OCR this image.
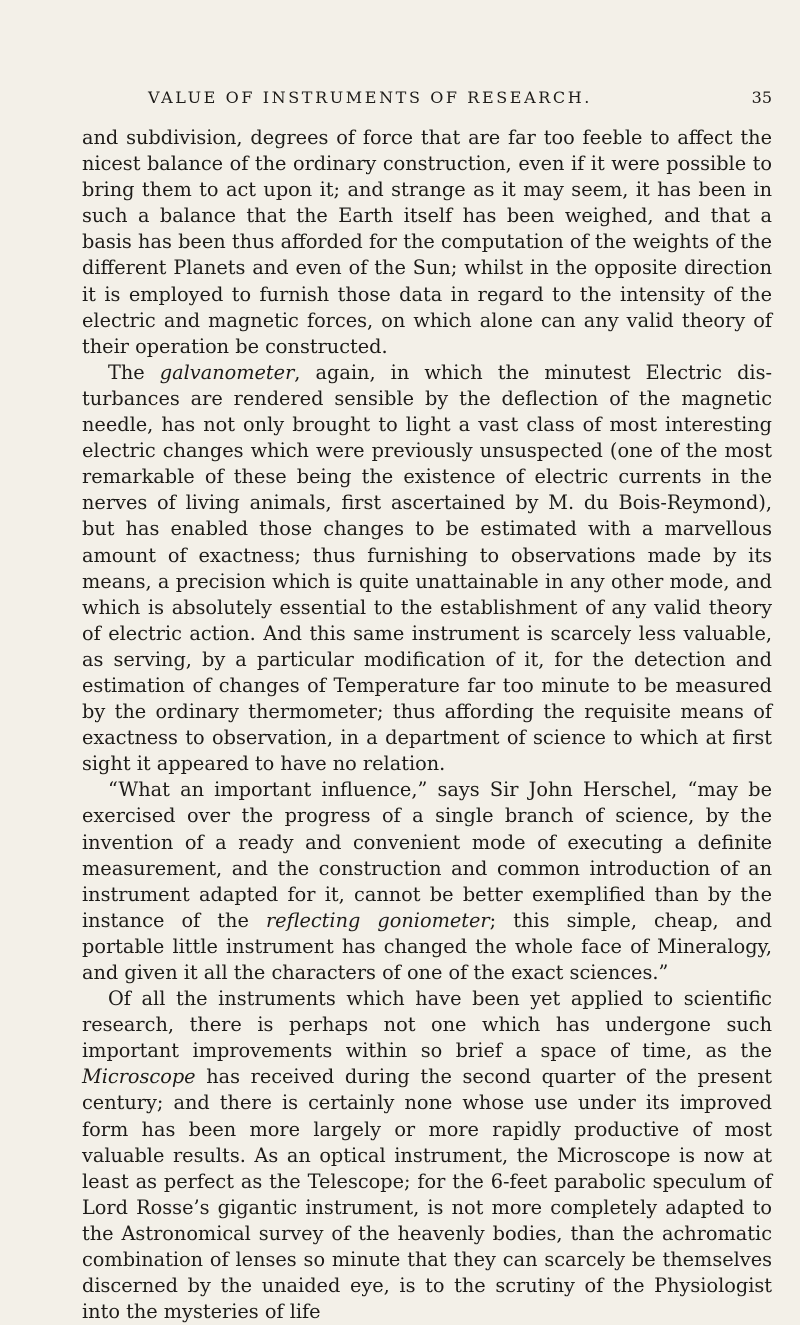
VALUE OF INSTRUMENTS OF RESEARCH.	35

and subdivision, degrees of force that are far too feeble to affect the nicest balance of the ordinary construction, even if it were possible to bring them to act upon it; and strange as it may seem, it has been in such a balance that the Earth itself has been weighed, and that a basis has been thus afforded for the computation of the weights of the different Planets and even of the Sun; whilst in the opposite direction it is employed to furnish those data in regard to the intensity of the electric and magnetic forces, on which alone can any valid theory of their operation be constructed.

The galvanometer, again, in which the minutest Electric disturbances are rendered sensible by the deflection of the magnetic needle, has not only brought to light a vast class of most interesting electric changes which were previously unsuspected (one of the most remarkable of these being the existence of electric currents in the nerves of living animals, first ascertained by M. du Bois-Reymond), but has enabled those changes to be estimated with a marvellous amount of exactness; thus furnishing to observations made by its means, a precision which is quite unattainable in any other mode, and which is absolutely essential to the establishment of any valid theory of electric action. And this same instrument is scarcely less valuable, as serving, by a particular modification of it, for the detection and estimation of changes of Temperature far too minute to be measured by the ordinary thermometer; thus affording the requisite means of exactness to observation, in a department of science to which at first sight it appeared to have no relation.

“What an important influence,” says Sir John Herschel, “may be exercised over the progress of a single branch of science, by the invention of a ready and convenient mode of executing a definite measurement, and the construction and common introduction of an instrument adapted for it, cannot be better exemplified than by the instance of the reflecting goniometer; this simple, cheap, and portable little instrument has changed the whole face of Mineralogy, and given it all the characters of one of the exact sciences.”

Of all the instruments which have been yet applied to scientific research, there is perhaps not one which has undergone such important improvements within so brief a space of time, as the Microscope has received during the second quarter of the present century; and there is certainly none whose use under its improved form has been more largely or more rapidly productive of most valuable results. As an optical instrument, the Microscope is now at least as perfect as the Telescope; for the 6-feet parabolic speculum of Lord Rosse’s gigantic instrument, is not more completely adapted to the Astronomical survey of the heavenly bodies, than the achromatic combination of lenses so minute that they can scarcely be themselves discerned by the unaided eye, is to the scrutiny of the Physiologist into the mysteries of life
